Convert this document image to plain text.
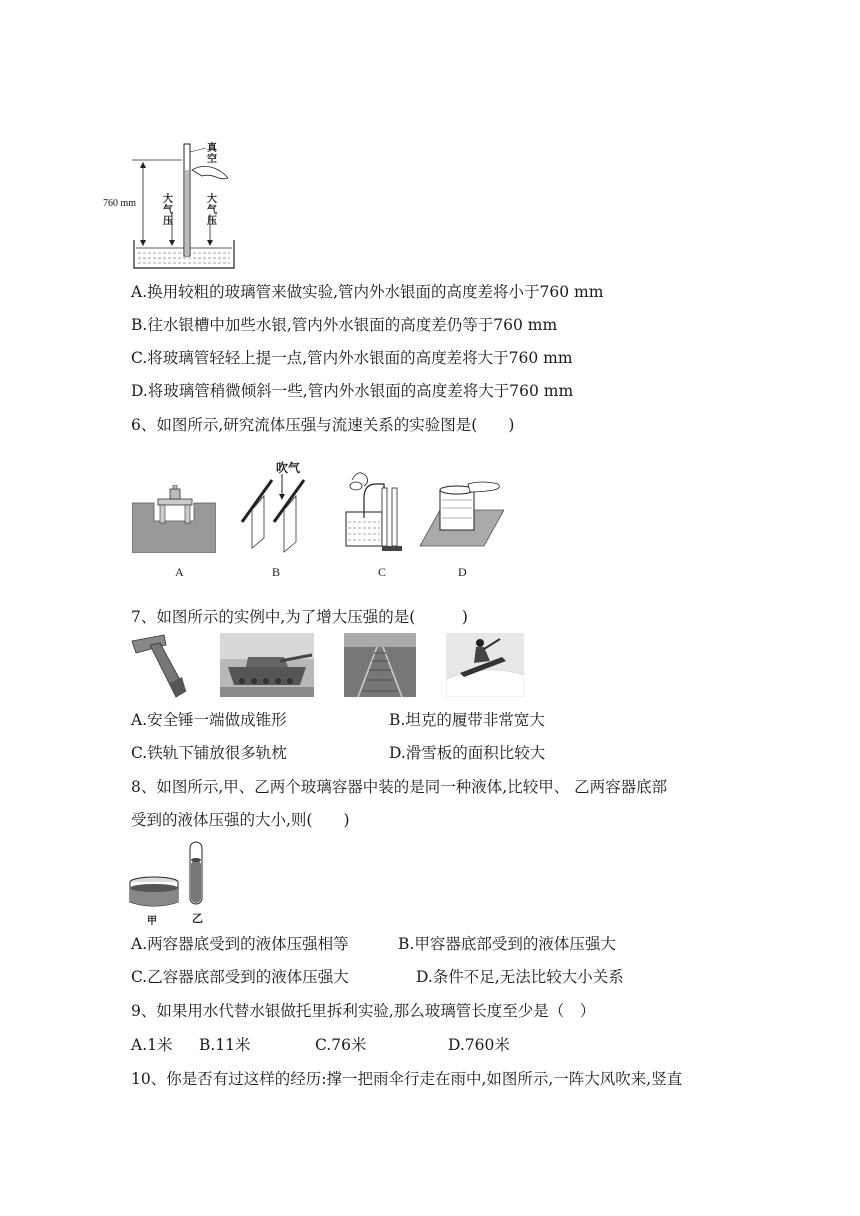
真空
760 mm	大气压
大气压
A.换用较粗的玻璃管来做实验,管内外水银面的高度差将小于760 mm
B.往水银槽中加些水银,管内外水银面的高度差仍等于760 mm
C.将玻璃管轻轻上提一点,管内外水银面的高度差将大于760 mm
D.将玻璃管稍微倾斜一些,管内外水银面的高度差将大于760 mm
6、如图所示,研究流体压强与流速关系的实验图是(　　)
吹气
A	B	C	D
7、如图所示的实例中,为了增大压强的是(　　　)
A.安全锤一端做成锥形	B.坦克的履带非常宽大
C.铁轨下铺放很多轨枕	D.滑雪板的面积比较大
8、如图所示,甲、乙两个玻璃容器中装的是同一种液体,比较甲、 乙两容器底部
受到的液体压强的大小,则(　　)
甲	乙
A.两容器底受到的液体压强相等	B.甲容器底部受到的液体压强大
C.乙容器底部受到的液体压强大	D.条件不足,无法比较大小关系
9、如果用水代替水银做托里拆利实验,那么玻璃管长度至少是（　）
A.1米 B.11米	C.76米	D.760米
10、你是否有过这样的经历:撑一把雨伞行走在雨中,如图所示,一阵大风吹来,竖直
